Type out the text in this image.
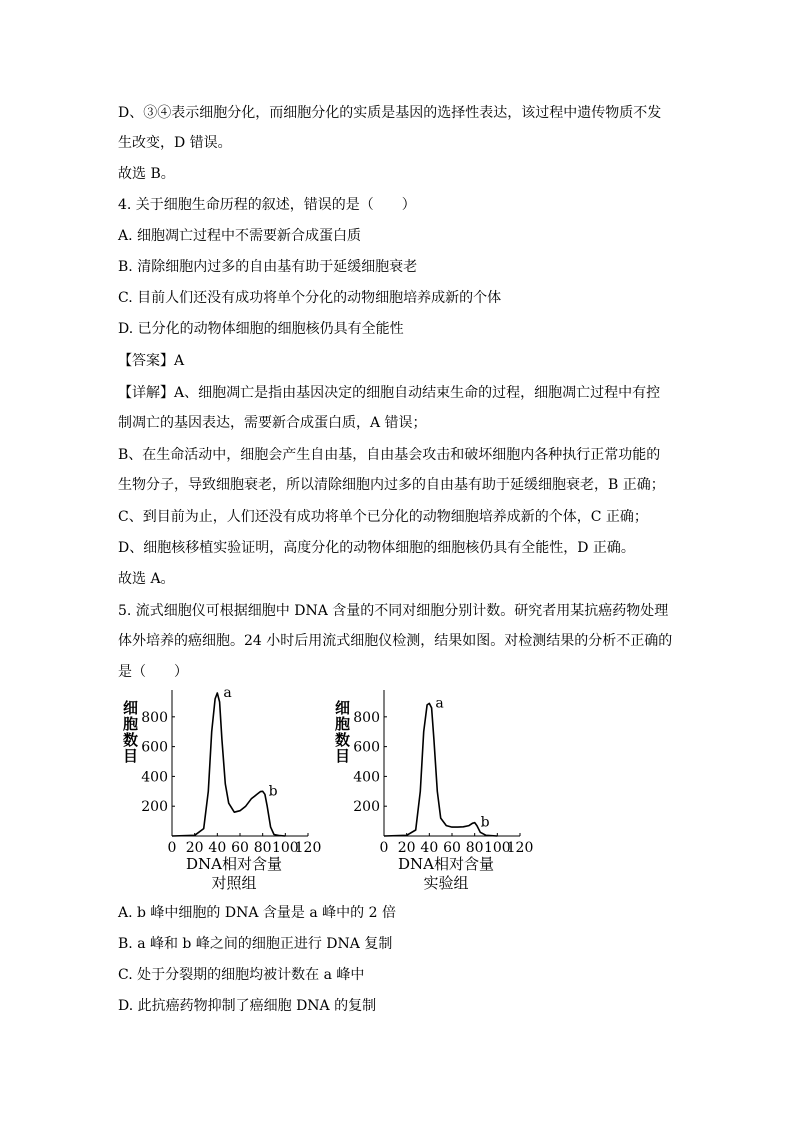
D、③④表示细胞分化，而细胞分化的实质是基因的选择性表达，该过程中遗传物质不发
生改变，D 错误。
故选 B。
4. 关于细胞生命历程的叙述，错误的是（　　）
A. 细胞凋亡过程中不需要新合成蛋白质
B. 清除细胞内过多的自由基有助于延缓细胞衰老
C. 目前人们还没有成功将单个分化的动物细胞培养成新的个体
D. 已分化的动物体细胞的细胞核仍具有全能性
【答案】A
【详解】A、细胞凋亡是指由基因决定的细胞自动结束生命的过程，细胞凋亡过程中有控
制凋亡的基因表达，需要新合成蛋白质，A 错误；
B、在生命活动中，细胞会产生自由基，自由基会攻击和破坏细胞内各种执行正常功能的
生物分子，导致细胞衰老，所以清除细胞内过多的自由基有助于延缓细胞衰老，B 正确；
C、到目前为止，人们还没有成功将单个已分化的动物细胞培养成新的个体，C 正确；
D、细胞核移植实验证明，高度分化的动物体细胞的细胞核仍具有全能性，D 正确。
故选 A。
5. 流式细胞仪可根据细胞中 DNA 含量的不同对细胞分别计数。研究者用某抗癌药物处理
体外培养的癌细胞。24 小时后用流式细胞仪检测，结果如图。对检测结果的分析不正确的
是（　　）
200
400
600
800
0 20 40 60 80 100
120
细胞数目
DNA相对含量
对照组
a
b
200
400
600
800
0 20 40 60 80 100
120
细胞数目
DNA相对含量
实验组
a
b
A. b 峰中细胞的 DNA 含量是 a 峰中的 2 倍
B. a 峰和 b 峰之间的细胞正进行 DNA 复制
C. 处于分裂期的细胞均被计数在 a 峰中
D. 此抗癌药物抑制了癌细胞 DNA 的复制
